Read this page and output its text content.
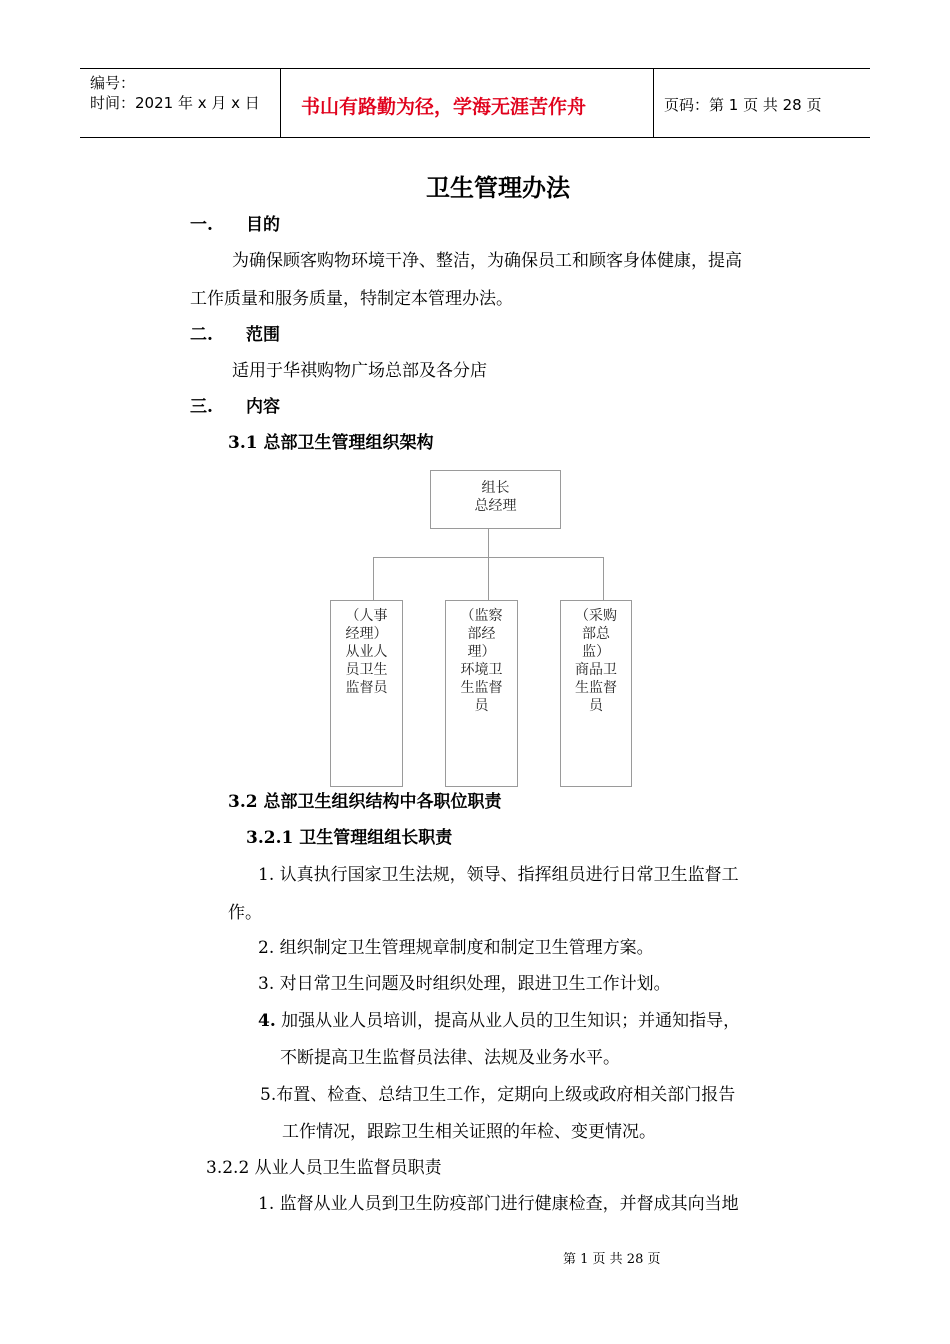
编号：
时间：2021 年 x 月 x 日 书山有路勤为径，学海无涯苦作舟	页码：第 1 页 共 28 页
卫生管理办法
一. 目的
为确保顾客购物环境干净、整洁，为确保员工和顾客身体健康，提高
工作质量和服务质量，特制定本管理办法。
二. 范围
适用于华祺购物广场总部及各分店
三. 内容
3.1 总部卫生管理组织架构
组长
总经理
（人事
经理）
从业人
员卫生
监督员
（监察
部经
理）
环境卫
生监督
员
（采购
部总
监）
商品卫
生监督
员
3.2 总部卫生组织结构中各职位职责
3.2.1 卫生管理组组长职责
1. 认真执行国家卫生法规，领导、指挥组员进行日常卫生监督工
作。
2. 组织制定卫生管理规章制度和制定卫生管理方案。
3. 对日常卫生问题及时组织处理，跟进卫生工作计划。
4. 加强从业人员培训，提高从业人员的卫生知识；并通知指导，
不断提高卫生监督员法律、法规及业务水平。
5.布置、检查、总结卫生工作，定期向上级或政府相关部门报告
工作情况，跟踪卫生相关证照的年检、变更情况。
3.2.2 从业人员卫生监督员职责
1. 监督从业人员到卫生防疫部门进行健康检查，并督成其向当地
第 1 页 共 28 页
